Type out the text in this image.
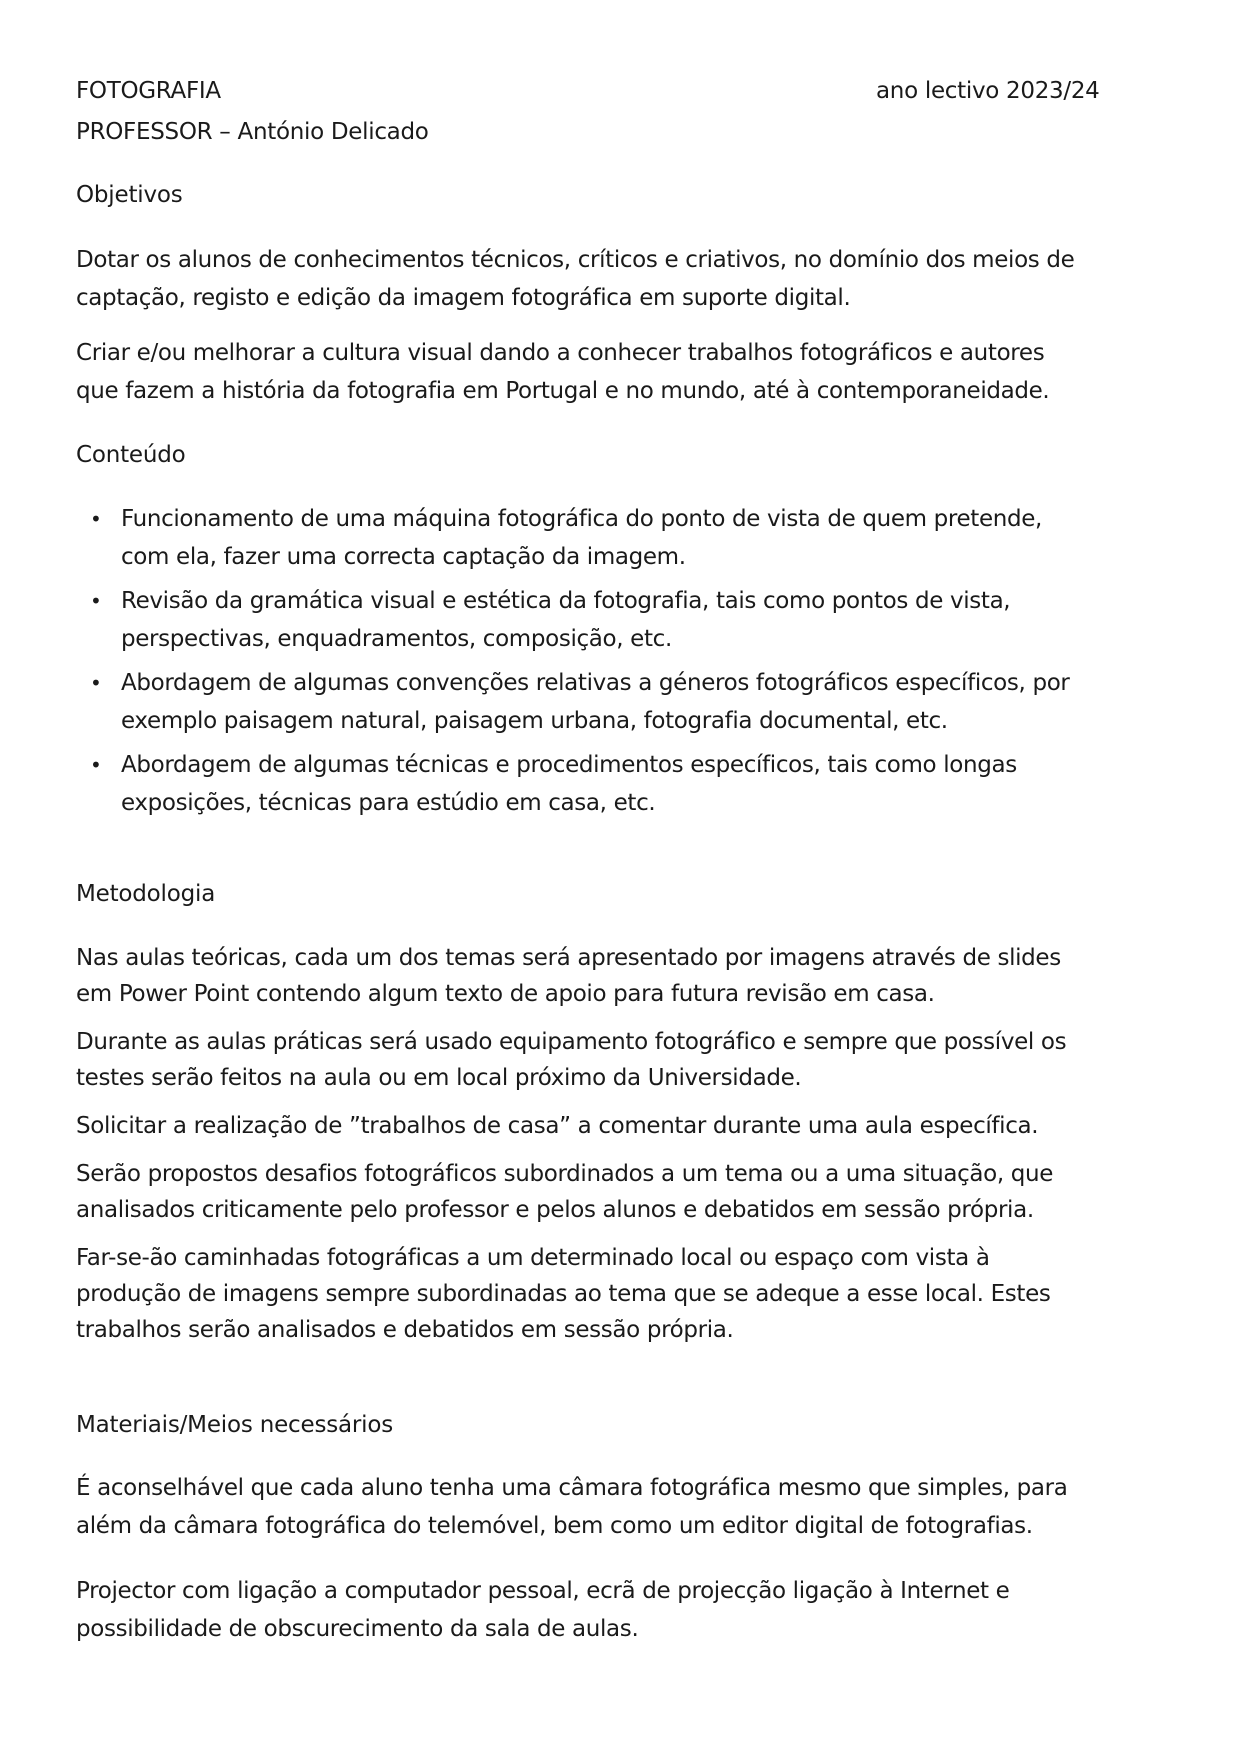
FOTOGRAFIA	ano lectivo 2023/24
PROFESSOR – António Delicado
Objetivos
Dotar os alunos de conhecimentos técnicos, críticos e criativos, no domínio dos meios de
captação, registo e edição da imagem fotográfica em suporte digital.
Criar e/ou melhorar a cultura visual dando a conhecer trabalhos fotográficos e autores
que fazem a história da fotografia em Portugal e no mundo, até à contemporaneidade.
Conteúdo
• Funcionamento de uma máquina fotográfica do ponto de vista de quem pretende,
com ela, fazer uma correcta captação da imagem.
• Revisão da gramática visual e estética da fotografia, tais como pontos de vista,
perspectivas, enquadramentos, composição, etc.
• Abordagem de algumas convenções relativas a géneros fotográficos específicos, por
exemplo paisagem natural, paisagem urbana, fotografia documental, etc.
• Abordagem de algumas técnicas e procedimentos específicos, tais como longas
exposições, técnicas para estúdio em casa, etc.
Metodologia
Nas aulas teóricas, cada um dos temas será apresentado por imagens através de slides
em Power Point contendo algum texto de apoio para futura revisão em casa.
Durante as aulas práticas será usado equipamento fotográfico e sempre que possível os
testes serão feitos na aula ou em local próximo da Universidade.
Solicitar a realização de ”trabalhos de casa” a comentar durante uma aula específica.
Serão propostos desafios fotográficos subordinados a um tema ou a uma situação, que
analisados criticamente pelo professor e pelos alunos e debatidos em sessão própria.
Far-se-ão caminhadas fotográficas a um determinado local ou espaço com vista à
produção de imagens sempre subordinadas ao tema que se adeque a esse local. Estes
trabalhos serão analisados e debatidos em sessão própria.
Materiais/Meios necessários
É aconselhável que cada aluno tenha uma câmara fotográfica mesmo que simples, para
além da câmara fotográfica do telemóvel, bem como um editor digital de fotografias.
Projector com ligação a computador pessoal, ecrã de projecção ligação à Internet e
possibilidade de obscurecimento da sala de aulas.
